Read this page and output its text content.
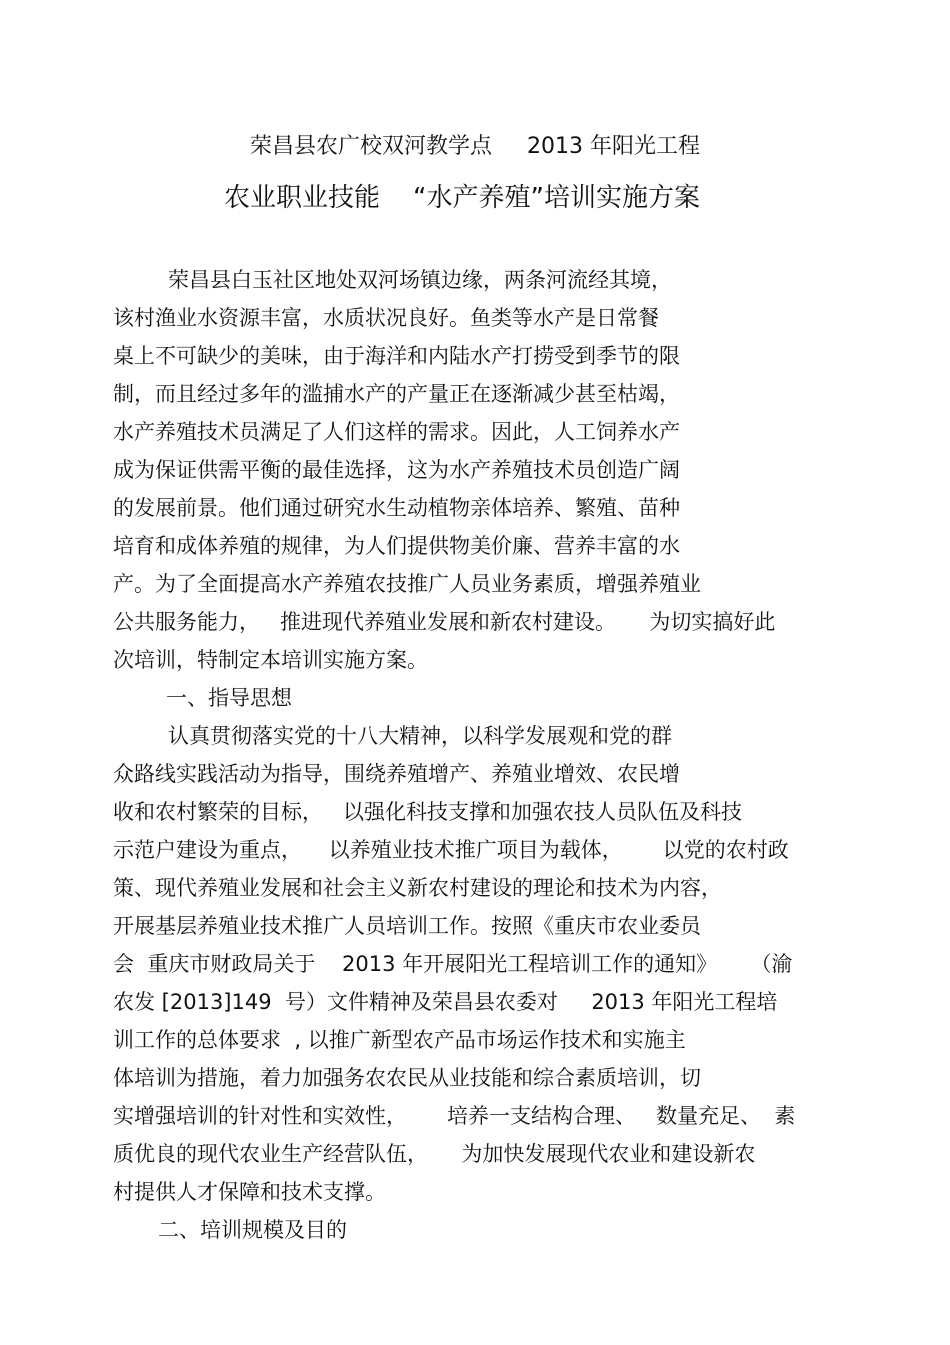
荣昌县农广校双河教学点     2013 年阳光工程
农业职业技能    “水产养殖”培训实施方案
荣昌县白玉社区地处双河场镇边缘，两条河流经其境，
该村渔业水资源丰富，水质状况良好。鱼类等水产是日常餐
桌上不可缺少的美味，由于海洋和内陆水产打捞受到季节的限
制，而且经过多年的滥捕水产的产量正在逐渐减少甚至枯竭，
水产养殖技术员满足了人们这样的需求。因此，人工饲养水产
成为保证供需平衡的最佳选择，这为水产养殖技术员创造广阔
的发展前景。他们通过研究水生动植物亲体培养、繁殖、苗种
培育和成体养殖的规律，为人们提供物美价廉、营养丰富的水
产。为了全面提高水产养殖农技推广人员业务素质，增强养殖业
公共服务能力，   推进现代养殖业发展和新农村建设。     为切实搞好此
次培训，特制定本培训实施方案。
一、指导思想
认真贯彻落实党的十八大精神，以科学发展观和党的群
众路线实践活动为指导，围绕养殖增产、养殖业增效、农民增
收和农村繁荣的目标，   以强化科技支撑和加强农技人员队伍及科技
示范户建设为重点，    以养殖业技术推广项目为载体，      以党的农村政
策、现代养殖业发展和社会主义新农村建设的理论和技术为内容，
开展基层养殖业技术推广人员培训工作。按照《重庆市农业委员
会  重庆市财政局关于    2013 年开展阳光工程培训工作的通知》     （渝
农发 [2013]149  号）文件精神及荣昌县农委对     2013 年阳光工程培
训工作的总体要求  , 以推广新型农产品市场运作技术和实施主
体培训为措施，着力加强务农农民从业技能和综合素质培训，切
实增强培训的针对性和实效性，      培养一支结构合理、   数量充足、  素
质优良的现代农业生产经营队伍，     为加快发展现代农业和建设新农
村提供人才保障和技术支撑。
二、培训规模及目的
